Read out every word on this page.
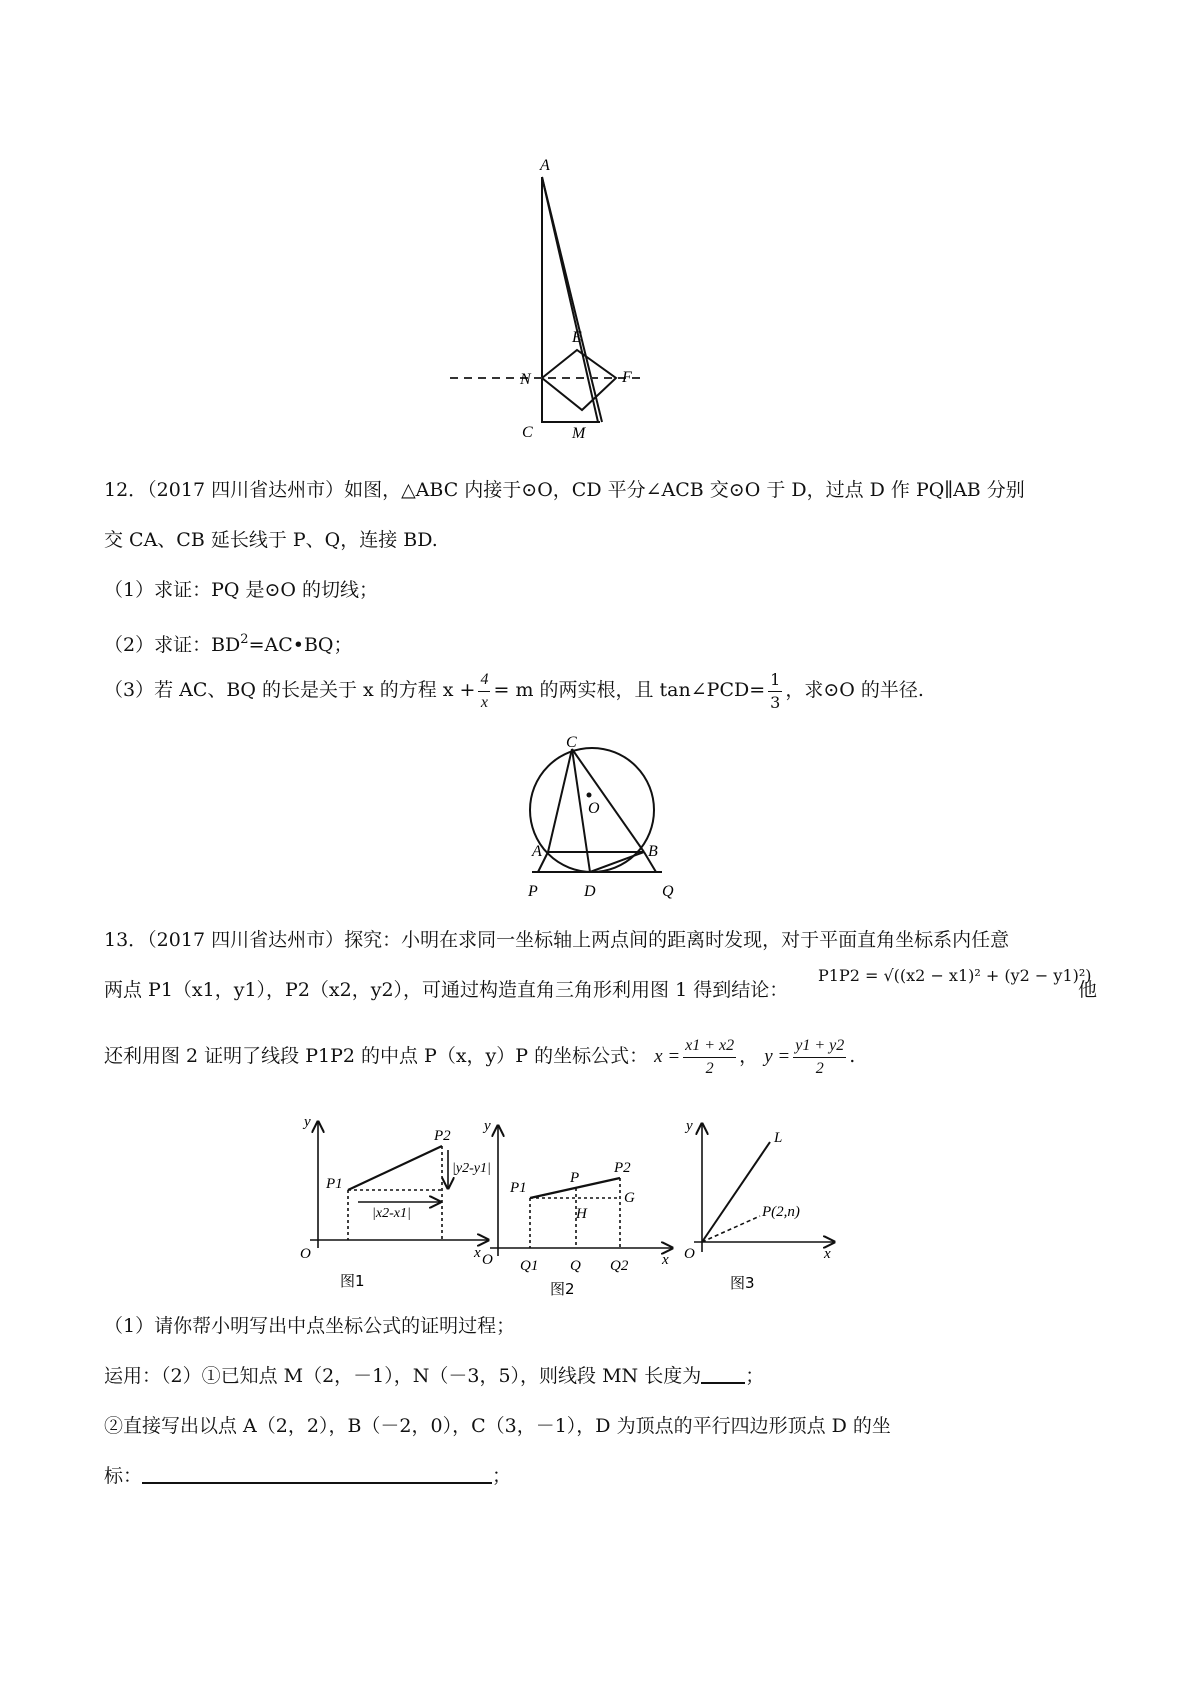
A
E
N	F
C M
12．（2017 四川省达州市）如图，△ABC 内接于⊙O，CD 平分∠ACB 交⊙O 于 D，过点 D 作 PQ∥AB 分别
交 CA、CB 延长线于 P、Q，连接 BD.
（1）求证：PQ 是⊙O 的切线；
（2）求证：$BD^2=AC•BQ$；
（3）若 AC、BQ 的长是关于 x 的方程 $x + \frac{4}{x} = m$ 的两实根，且 tan∠PCD= $\frac{1}{3}$ ，求⊙O 的半径.
C
O
A	B
P	D	Q
13．（2017 四川省达州市）探究：小明在求同一坐标轴上两点间的距离时发现，对于平面直角坐标系内任意
两点 P1（x1，y1），P2（x2，y2），可通过构造直角三角形利用图 1 得到结论：
P1P2 = √((x2 − x1)² + (y2 − y1)²)
他
还利用图 2 证明了线段 P1P2 的中点 P（x，y）P 的坐标公式： $x = \frac{x1 + x2}{2}$ ， $y = \frac{y1 + y2}{2}$ .
y
x
O
P1
P2
|y2-y1|
|x2-x1|
图1
y
x
O
P1
P
P2
H
G
Q1 Q Q2
图2
y
x
O
L
P(2,n)
图3
（1）请你帮小明写出中点坐标公式的证明过程；
运用：（2）①已知点 M（2，－1），N（－3，5），则线段 MN 长度为 ；
②直接写出以点 A（2，2），B（－2，0），C（3，－1），D 为顶点的平行四边形顶点 D 的坐
标：	；
